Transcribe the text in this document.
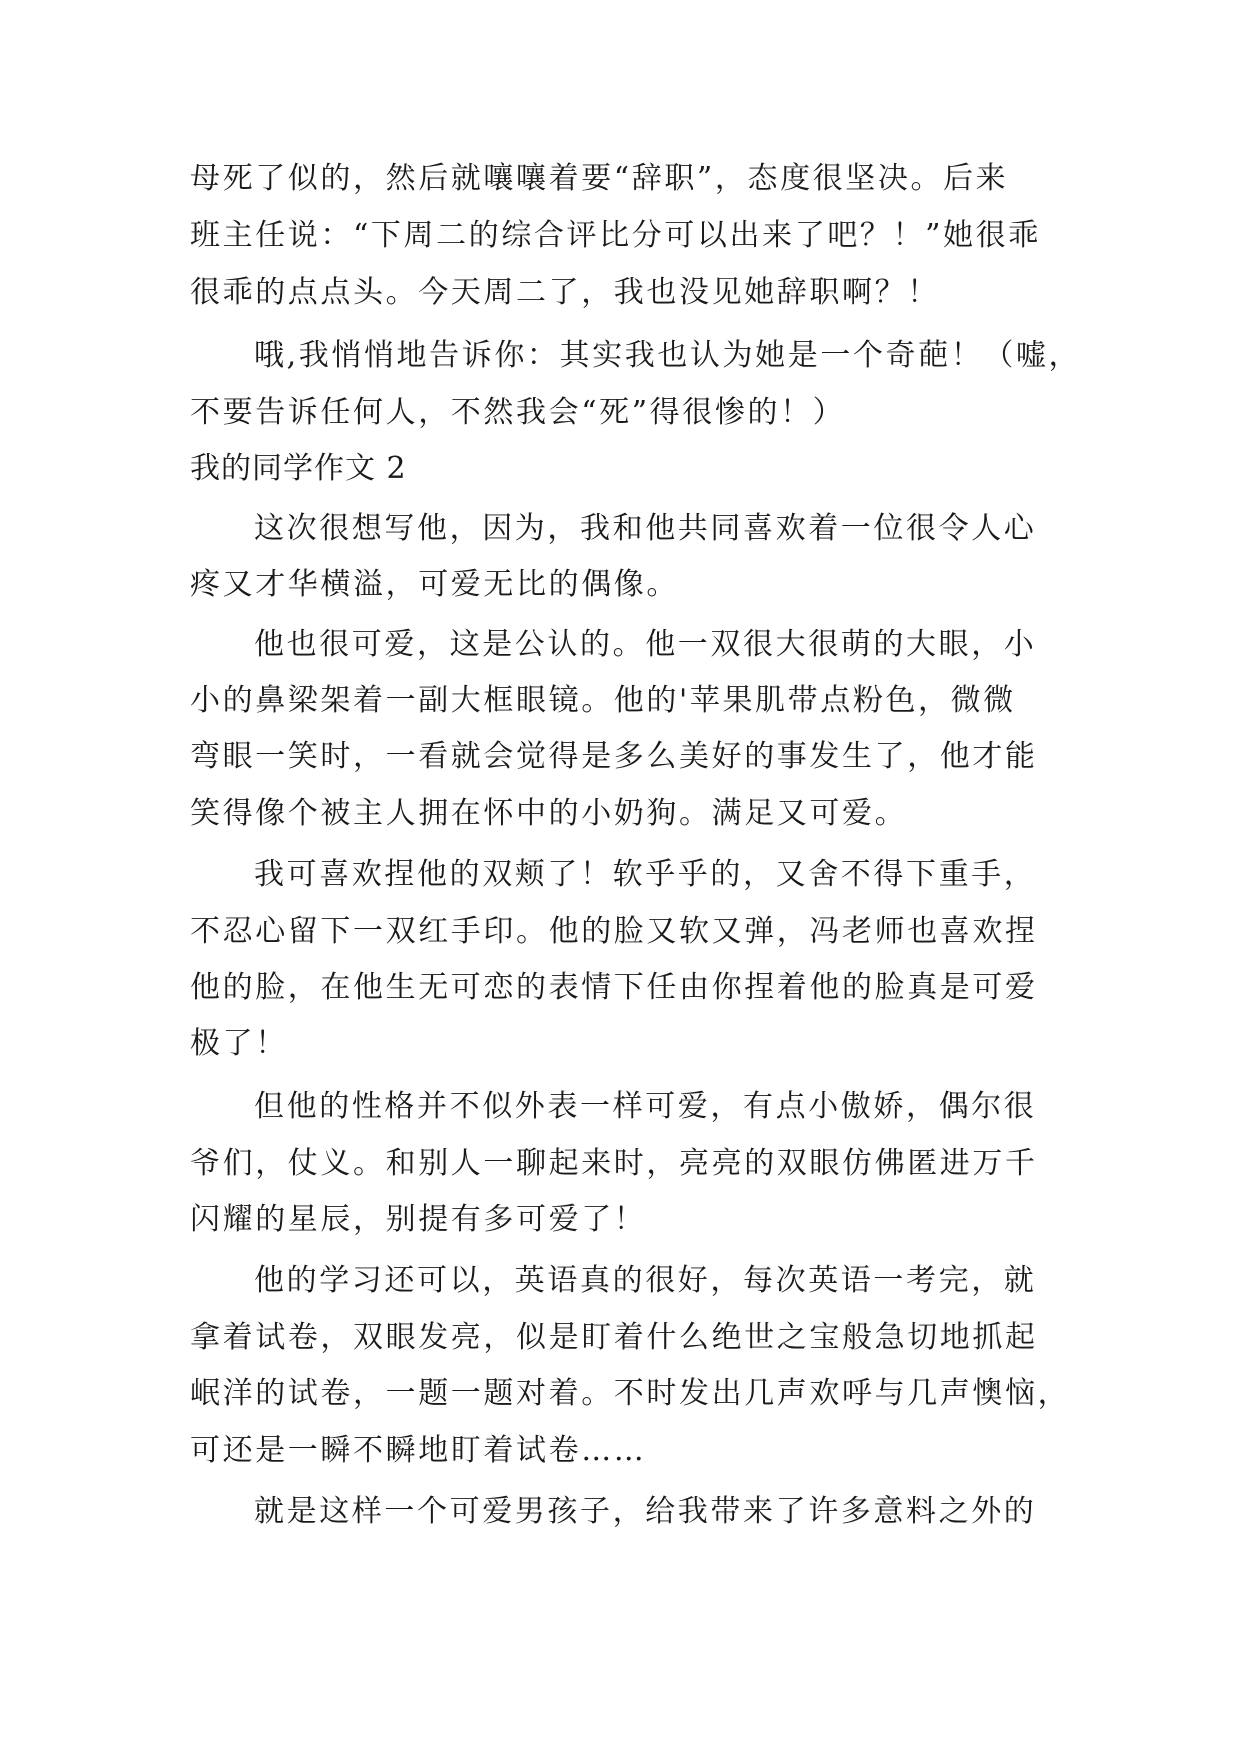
母死了似的，然后就嚷嚷着要“辞职”，态度很坚决。后来
班主任说：“下周二的综合评比分可以出来了吧？！”她很乖
很乖的点点头。今天周二了，我也没见她辞职啊？！
哦,我悄悄地告诉你：其实我也认为她是一个奇葩！（嘘，
不要告诉任何人，不然我会“死”得很惨的！）
我的同学作文 2
这次很想写他，因为，我和他共同喜欢着一位很令人心
疼又才华横溢，可爱无比的偶像。
他也很可爱，这是公认的。他一双很大很萌的大眼，小
小的鼻梁架着一副大框眼镜。他的'苹果肌带点粉色，微微
弯眼一笑时，一看就会觉得是多么美好的事发生了，他才能
笑得像个被主人拥在怀中的小奶狗。满足又可爱。
我可喜欢捏他的双颊了！软乎乎的，又舍不得下重手，
不忍心留下一双红手印。他的脸又软又弹，冯老师也喜欢捏
他的脸，在他生无可恋的表情下任由你捏着他的脸真是可爱
极了！
但他的性格并不似外表一样可爱，有点小傲娇，偶尔很
爷们，仗义。和别人一聊起来时，亮亮的双眼仿佛匿进万千
闪耀的星辰，别提有多可爱了！
他的学习还可以，英语真的很好，每次英语一考完，就
拿着试卷，双眼发亮，似是盯着什么绝世之宝般急切地抓起
岷洋的试卷，一题一题对着。不时发出几声欢呼与几声懊恼，
可还是一瞬不瞬地盯着试卷……
就是这样一个可爱男孩子，给我带来了许多意料之外的
